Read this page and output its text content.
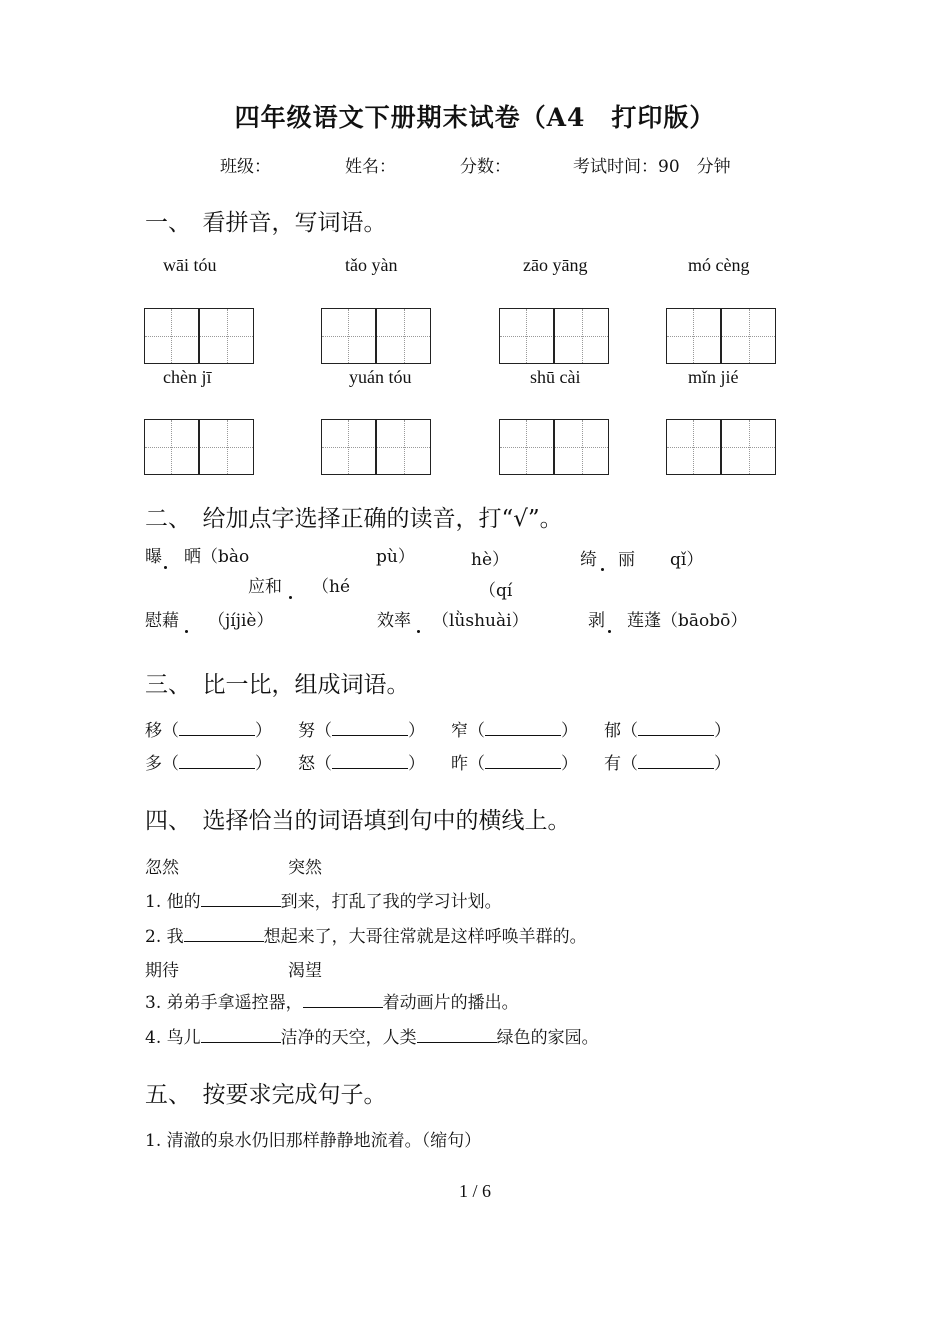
四年级语文下册期末试卷（A4　打印版）
班级：	姓名：	分数：	考试时间：90　分钟
一、　看拼音，写词语。
wāi tóu	tǎo yàn	zāo yāng	mó cèng
chèn jī	yuán tóu	shū cài	mǐn jié
二、　给加点字选择正确的读音，打“√”。
曝 晒（bào	pù）	hè）	绮 丽 qǐ）
应和 （hé	（qí
慰藉 （jíjiè）	效率 （lǜshuài）	剥 莲蓬（bāobō）
三、　比一比，组成词语。
移（	） 努（	） 窄（	） 郁（	）
多（	） 怒（	） 昨（	） 有（	）
四、　选择恰当的词语填到句中的横线上。
忽然	突然
1. 他的	到来，打乱了我的学习计划。
2. 我	想起来了，大哥往常就是这样呼唤羊群的。
期待	渴望
3. 弟弟手拿遥控器，	着动画片的播出。
4. 鸟儿	洁净的天空，人类	绿色的家园。
五、　按要求完成句子。
1. 清澈的泉水仍旧那样静静地流着。（缩句）
1 / 6
